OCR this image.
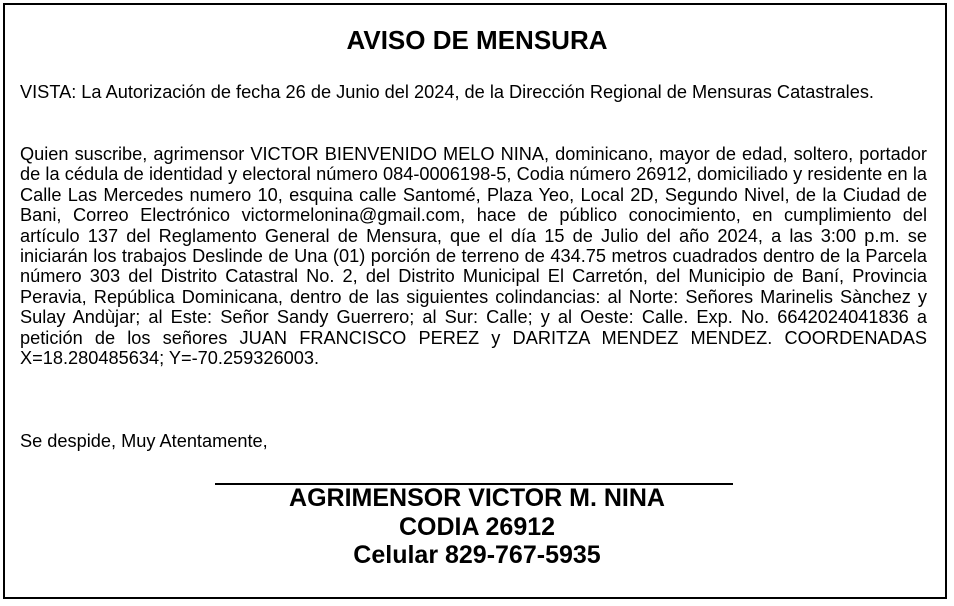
AVISO DE MENSURA

VISTA: La Autorización de fecha 26 de Junio del 2024, de la Dirección Regional de Mensuras Catastrales.

Quien suscribe, agrimensor VICTOR BIENVENIDO MELO NINA, dominicano, mayor de edad, soltero, portador de la cédula de identidad y electoral número 084-0006198-5, Codia número 26912, domiciliado y residente en la Calle Las Mercedes numero 10, esquina calle Santomé, Plaza Yeo, Local 2D, Segundo Nivel, de la Ciudad de Bani, Correo Electrónico victormelonina@gmail.com, hace de público conocimiento, en cumplimiento del artículo 137 del Reglamento General de Mensura, que el día 15 de Julio del año 2024, a las 3:00 p.m. se iniciarán los trabajos Deslinde de Una (01) porción de terreno de 434.75 metros cuadrados dentro de la Parcela número 303 del Distrito Catastral No. 2, del Distrito Municipal El Carretón, del Municipio de Baní, Provincia Peravia, República Dominicana, dentro de las siguientes colindancias: al Norte: Señores Marinelis Sànchez y Sulay Andùjar; al Este: Señor Sandy Guerrero; al Sur: Calle; y al Oeste: Calle. Exp. No. 6642024041836 a petición de los señores JUAN FRANCISCO PEREZ y DARITZA MENDEZ MENDEZ. COORDENADAS X=18.280485634; Y=-70.259326003.

Se despide, Muy Atentamente,

AGRIMENSOR VICTOR M. NINA

CODIA 26912

Celular 829-767-5935
